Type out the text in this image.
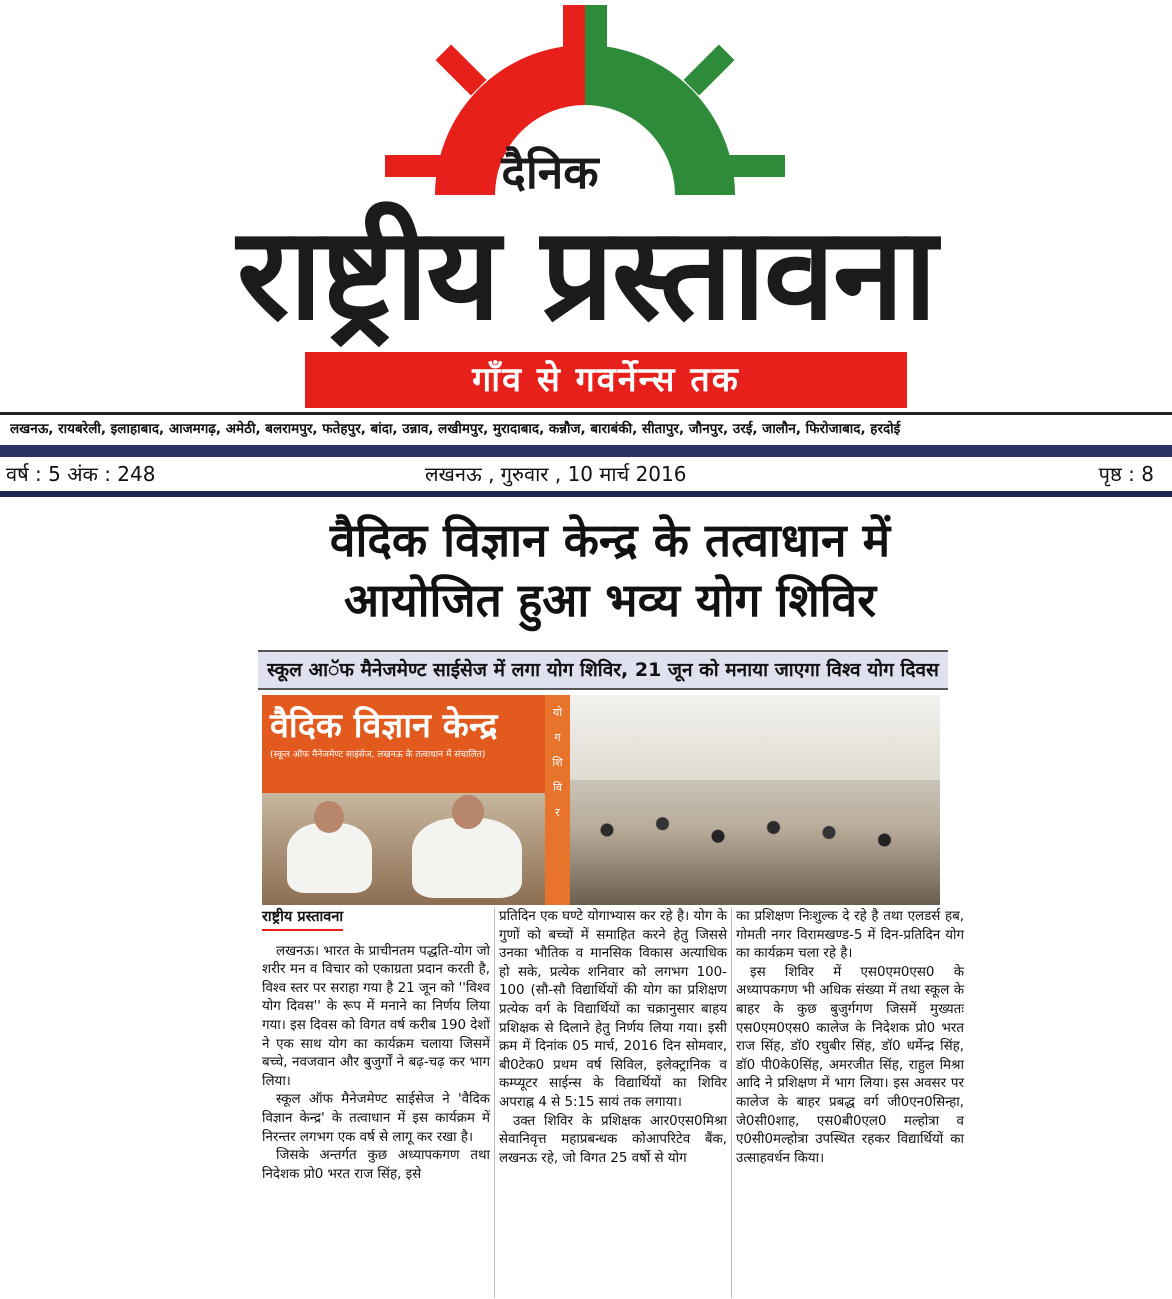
दैनिक
राष्ट्रीय प्रस्तावना
गाँव से गवर्नेन्स तक
लखनऊ, रायबरेली, इलाहाबाद, आजमगढ़, अमेठी, बलरामपुर, फतेहपुर, बांदा, उन्नाव, लखीमपुर, मुरादाबाद, कन्नौज, बाराबंकी, सीतापुर, जौनपुर, उरई, जालौन, फिरोजाबाद, हरदोई
वर्ष : 5 अंक : 248	लखनऊ , गुरुवार , 10 मार्च 2016	पृष्ठ : 8
वैदिक विज्ञान केन्द्र के तत्वाधान में
आयोजित हुआ भव्य योग शिविर
स्कूल आॅफ मैनेजमेण्ट साईसेज में लगा योग शिविर, 21 जून को मनाया जाएगा विश्व योग दिवस
वैदिक विज्ञान केन्द्र
(स्कूल ऑफ मैनेजमेण्ट साइंसेज, लखनऊ के तत्वाधान में संचालित)
यो
ग
शि
वि
र
राष्ट्रीय प्रस्तावना

लखनऊ। भारत के प्राचीनतम पद्धति-योग जो शरीर मन व विचार को एकाग्रता प्रदान करती है, विश्व स्तर पर सराहा गया है 21 जून को ''विश्व योग दिवस'' के रूप में मनाने का निर्णय लिया गया। इस दिवस को विगत वर्ष करीब 190 देशों ने एक साथ योग का कार्यक्रम चलाया जिसमें बच्चे, नवजवान और बुजुर्गों ने बढ़-चढ़ कर भाग लिया।

स्कूल ऑफ मैनेजमेण्ट साईसेज ने 'वैदिक विज्ञान केन्द्र' के तत्वाधान में इस कार्यक्रम में निरन्तर लगभग एक वर्ष से लागू कर रखा है।

जिसके अन्तर्गत कुछ अध्यापकगण तथा निदेशक प्रो0 भरत राज सिंह, इसे

प्रतिदिन एक घण्टे योगाभ्यास कर रहे है। योग के गुणों को बच्चों में समाहित करने हेतु जिससे उनका भौतिक व मानसिक विकास अत्याधिक हो सके, प्रत्येक शनिवार को लगभग 100-100 (सौ-सौ विद्यार्थियों की योग का प्रशिक्षण प्रत्येक वर्ग के विद्यार्थियों का चक्रानुसार बाहय प्रशिक्षक से दिलाने हेतु निर्णय लिया गया। इसी क्रम में दिनांक 05 मार्च, 2016 दिन सोमवार, बी0टेक0 प्रथम वर्ष सिविल, इलेक्ट्रानिक व कम्प्यूटर साईन्स के विद्यार्थियों का शिविर अपराह्न 4 से 5:15 सायं तक लगाया।

उक्त शिविर के प्रशिक्षक आर0एस0मिश्रा सेवानिवृत्त महाप्रबन्धक कोआपरिटेव बैंक, लखनऊ रहे, जो विगत 25 वर्षो से योग

का प्रशिक्षण निःशुल्क दे रहे है तथा एलडर्स हब, गोमती नगर विरामखण्ड-5 में दिन-प्रतिदिन योग का कार्यक्रम चला रहे है।

इस शिविर में एस0एम0एस0 के अध्यापकगण भी अधिक संख्या में तथा स्कूल के बाहर के कुछ बुजुर्गगण जिसमें मुख्यतः एस0एम0एस0 कालेज के निदेशक प्रो0 भरत राज सिंह, डॉ0 रघुबीर सिंह, डॉ0 धर्मेन्द्र सिंह, डॉ0 पी0के0सिंह, अमरजीत सिंह, राहुल मिश्रा आदि ने प्रशिक्षण में भाग लिया। इस अवसर पर कालेज के बाहर प्रबद्ध वर्ग जी0एन0सिन्हा, जे0सी0शाह, एस0बी0एल0 मल्होत्रा व ए0सी0मल्होत्रा उपस्थित रहकर विद्यार्थियों का उत्साहवर्धन किया।
